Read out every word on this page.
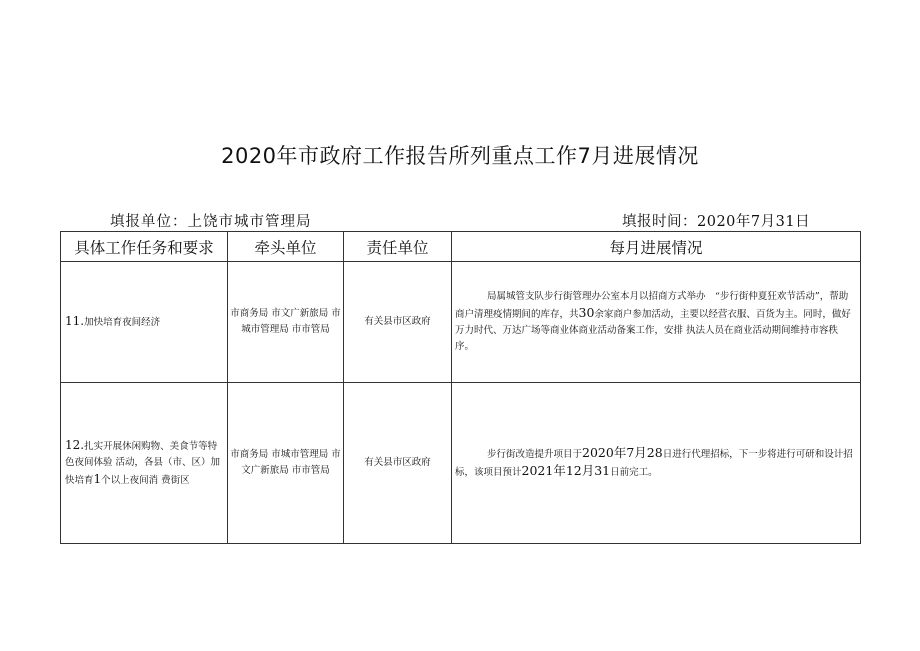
2020年市政府工作报告所列重点工作7月进展情况
填报单位：上饶市城市管理局	填报时间：2020年7月31日
具体工作任务和要求	牵头单位	责任单位	每月进展情况
11.加快培育夜间经济	市商务局 市文广新旅局 市城市管理局 市市管局	有关县市区政府	局属城管支队步行街管理办公室本月以招商方式举办　“步行街仲夏狂欢节活动”，帮助商户清理疫情期间的库存，共30余家商户参加活动，主要以经营衣服、百货为主。同时，做好万力时代、万达广场等商业体商业活动备案工作，安排 执法人员在商业活动期间维持市容秩序。
12.扎实开展休闲购物、美食节等特色夜间体验 活动，各县（市、区）加 快培育1个以上夜间消 费街区	市商务局 市城市管理局 市文广新旅局 市市管局	有关县市区政府	步行街改造提升项目于2020年7月28日进行代理招标，下一步将进行可研和设计招标，该项目预计2021年12月31日前完工。
